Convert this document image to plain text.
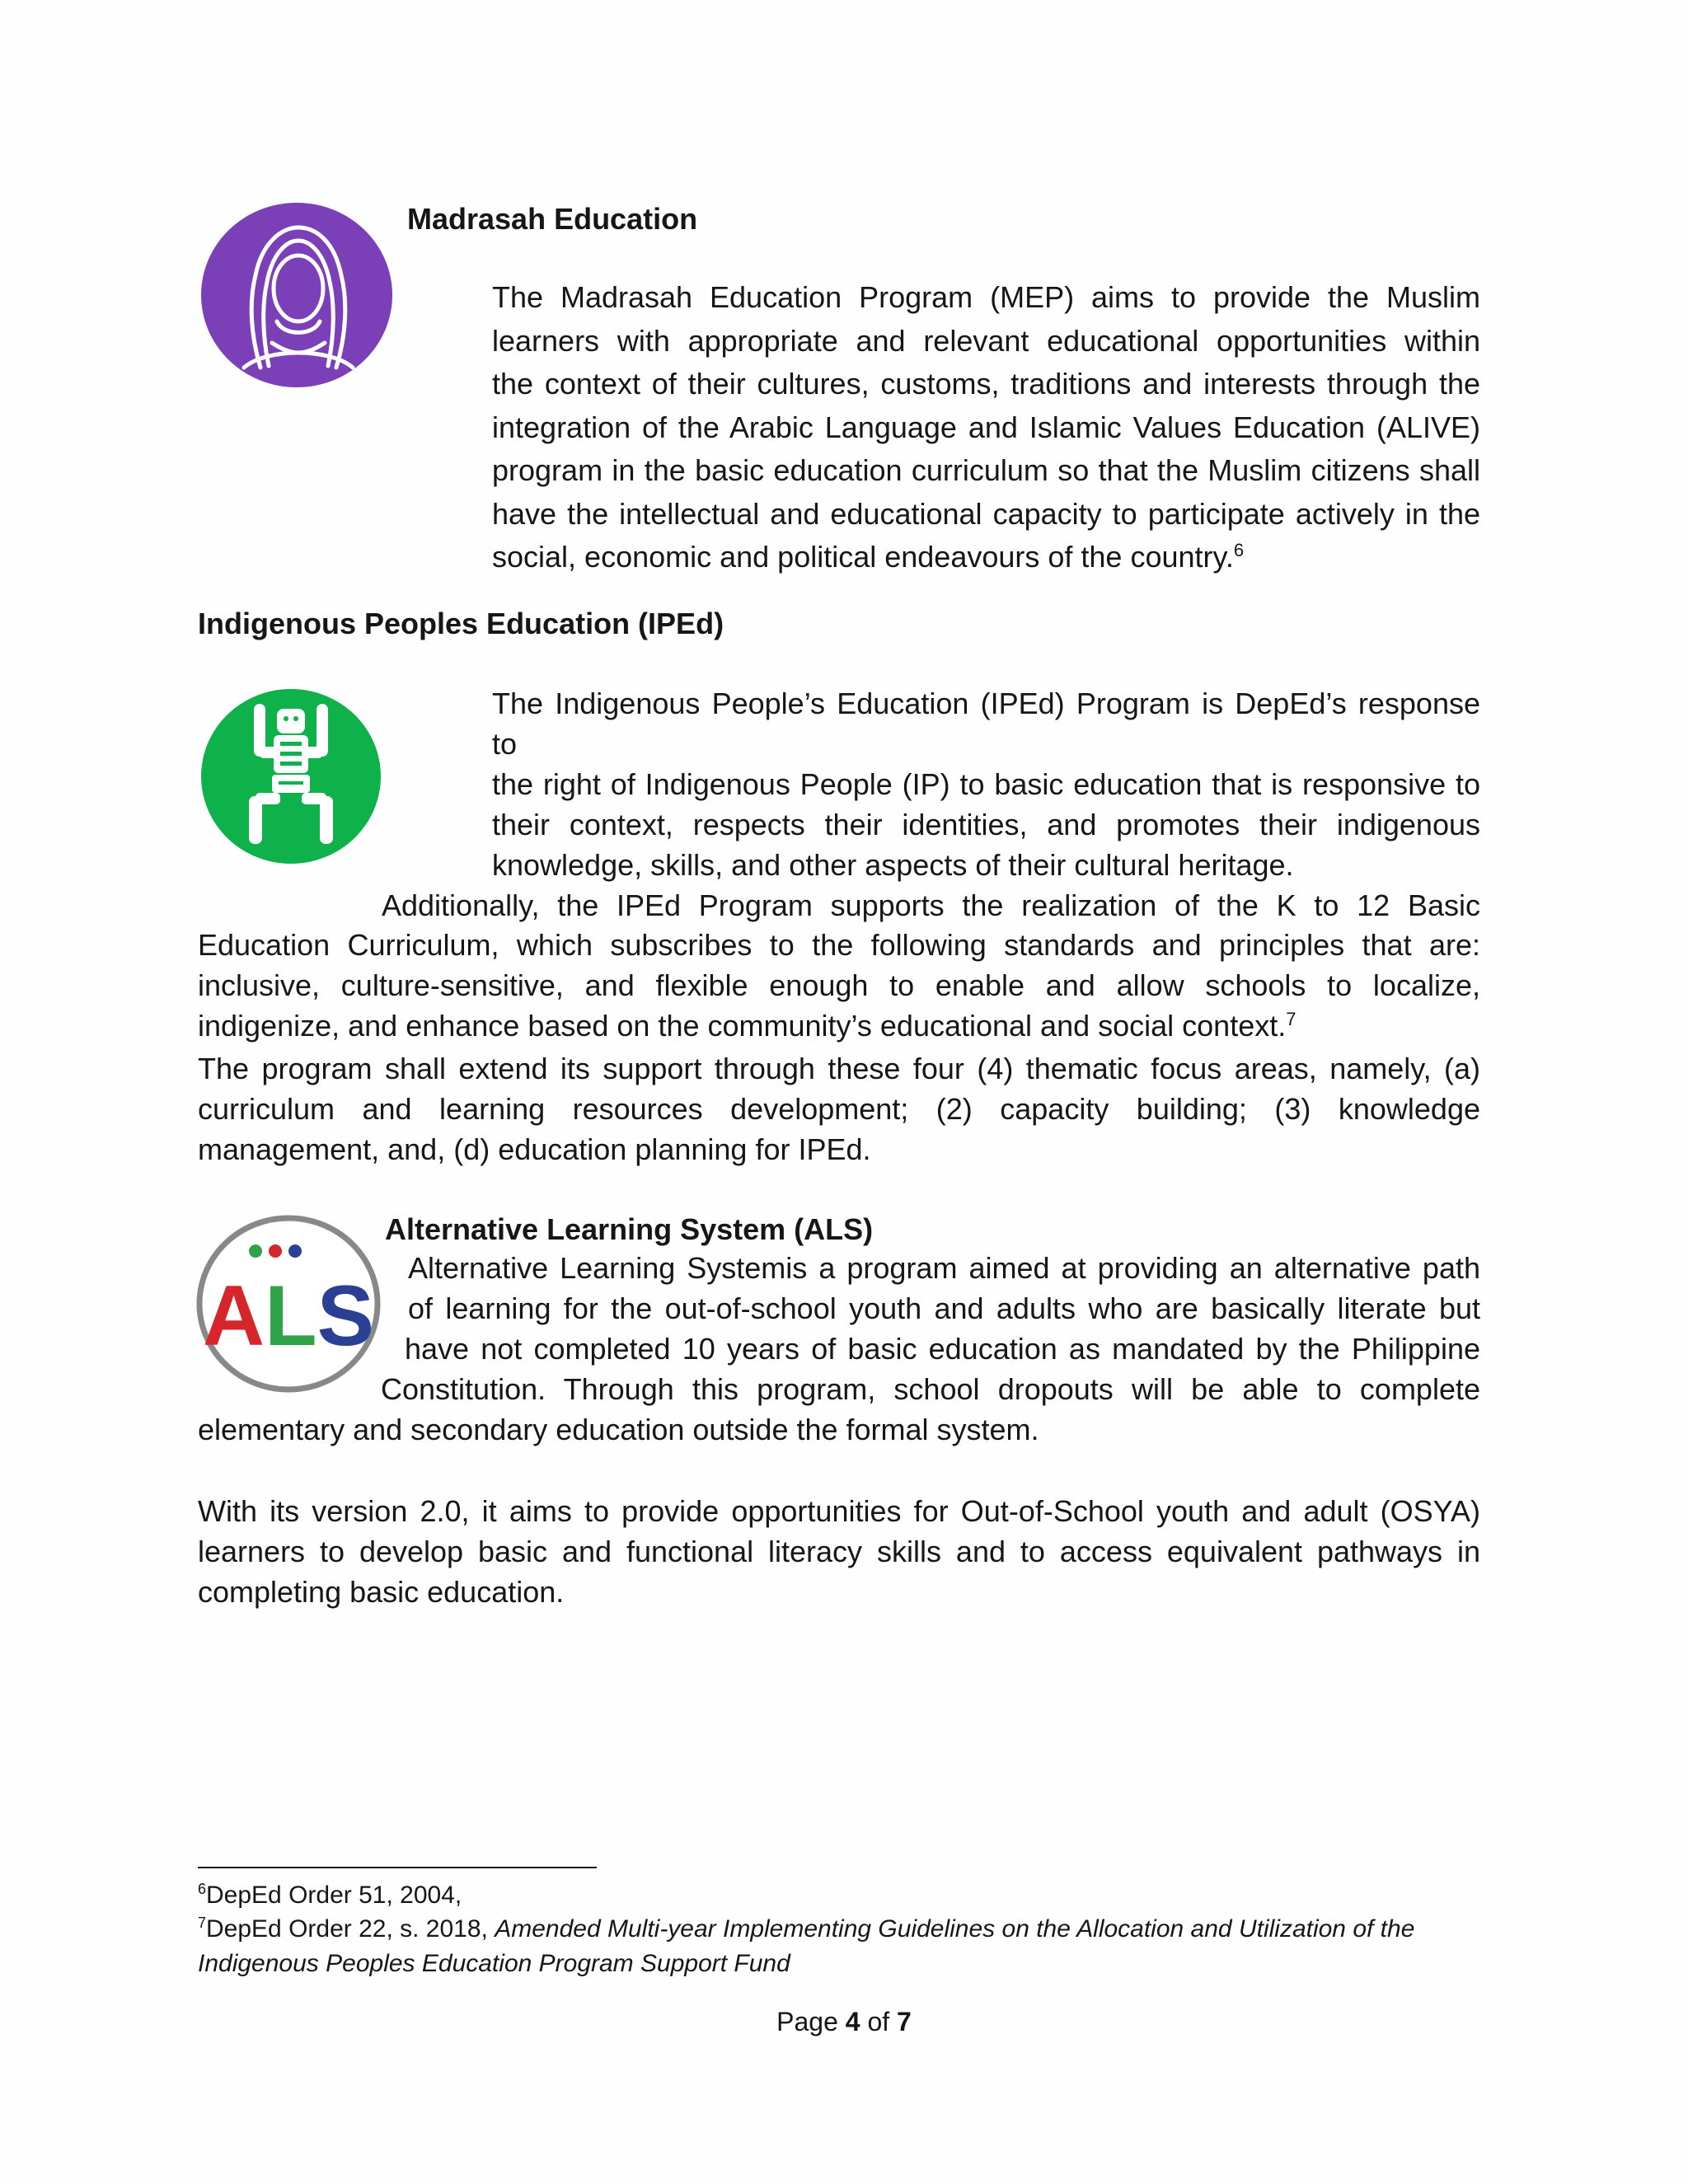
Madrasah Education
The Madrasah Education Program (MEP) aims to provide the Muslim
learners with appropriate and relevant educational opportunities within
the context of their cultures, customs, traditions and interests through the
integration of the Arabic Language and Islamic Values Education (ALIVE)
program in the basic education curriculum so that the Muslim citizens shall
have the intellectual and educational capacity to participate actively in the
social, economic and political endeavours of the country.$^6$
Indigenous Peoples Education (IPEd)
The Indigenous People’s Education (IPEd) Program is DepEd’s response to
the right of Indigenous People (IP) to basic education that is responsive to
their context, respects their identities, and promotes their indigenous
knowledge, skills, and other aspects of their cultural heritage.
Additionally, the IPEd Program supports the realization of the K to 12 Basic
Education Curriculum, which subscribes to the following standards and principles that are:
inclusive, culture-sensitive, and flexible enough to enable and allow schools to localize,
indigenize, and enhance based on the community’s educational and social context.$^7$
The program shall extend its support through these four (4) thematic focus areas, namely, (a)
curriculum and learning resources development; (2) capacity building; (3) knowledge
management, and, (d) education planning for IPEd.
Alternative Learning System (ALS)
ALS
Alternative Learning Systemis a program aimed at providing an alternative path
of learning for the out-of-school youth and adults who are basically literate but
have not completed 10 years of basic education as mandated by the Philippine
Constitution. Through this program, school dropouts will be able to complete
elementary and secondary education outside the formal system.
With its version 2.0, it aims to provide opportunities for Out-of-School youth and adult (OSYA)
learners to develop basic and functional literacy skills and to access equivalent pathways in
completing basic education.
$^6$DepEd Order 51, 2004,
$^7$DepEd Order 22, s. 2018, Amended Multi-year Implementing Guidelines on the Allocation and Utilization of the
Indigenous Peoples Education Program Support Fund
Page 4 of 7
